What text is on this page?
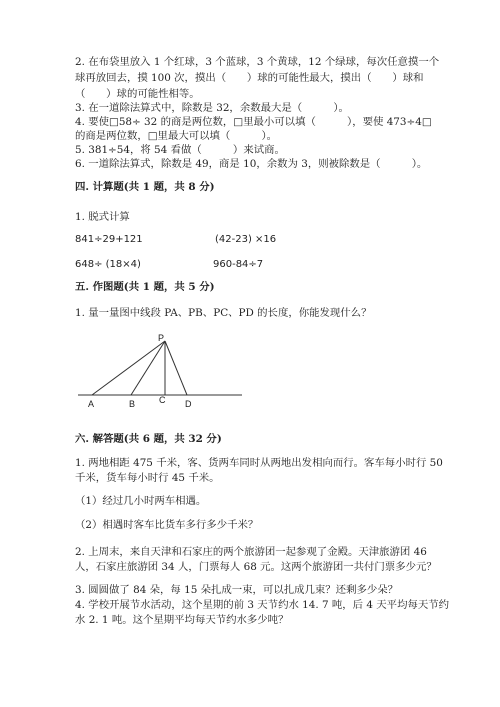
2. 在布袋里放入 1 个红球，3 个蓝球，3 个黄球，12 个绿球，每次任意摸一个
球再放回去，摸 100 次，摸出（　　）球的可能性最大，摸出（　　）球和
（　　）球的可能性相等。
3. 在一道除法算式中，除数是 32，余数最大是（　　　）。
4. 要使□58÷ 32 的商是两位数，□里最小可以填（　　　），要使 473÷4□
的商是两位数，□里最大可以填（　　　）。
5. 381÷54，将 54 看做（　　　）来试商。
6. 一道除法算式，除数是 49，商是 10，余数为 3，则被除数是（　　　）。
四. 计算题(共 1 题，共 8 分)
1. 脱式计算
841÷29+121	(42-23) ×16
648÷ (18×4)	960-84÷7
五. 作图题(共 1 题，共 5 分)
1. 量一量图中线段 PA、PB、PC、PD 的长度，你能发现什么？
P
A	B	C D
六. 解答题(共 6 题，共 32 分)
1. 两地相距 475 千米，客、货两车同时从两地出发相向而行。客车每小时行 50
千米，货车每小时行 45 千米。
（1）经过几小时两车相遇。
（2）相遇时客车比货车多行多少千米？
2. 上周末，来自天津和石家庄的两个旅游团一起参观了金殿。天津旅游团 46
人，石家庄旅游团 34 人，门票每人 68 元。这两个旅游团一共付门票多少元？
3. 圆圆做了 84 朵，每 15 朵扎成一束，可以扎成几束？还剩多少朵？
4. 学校开展节水活动，这个星期的前 3 天节约水 14. 7 吨，后 4 天平均每天节约
水 2. 1 吨。这个星期平均每天节约水多少吨？
